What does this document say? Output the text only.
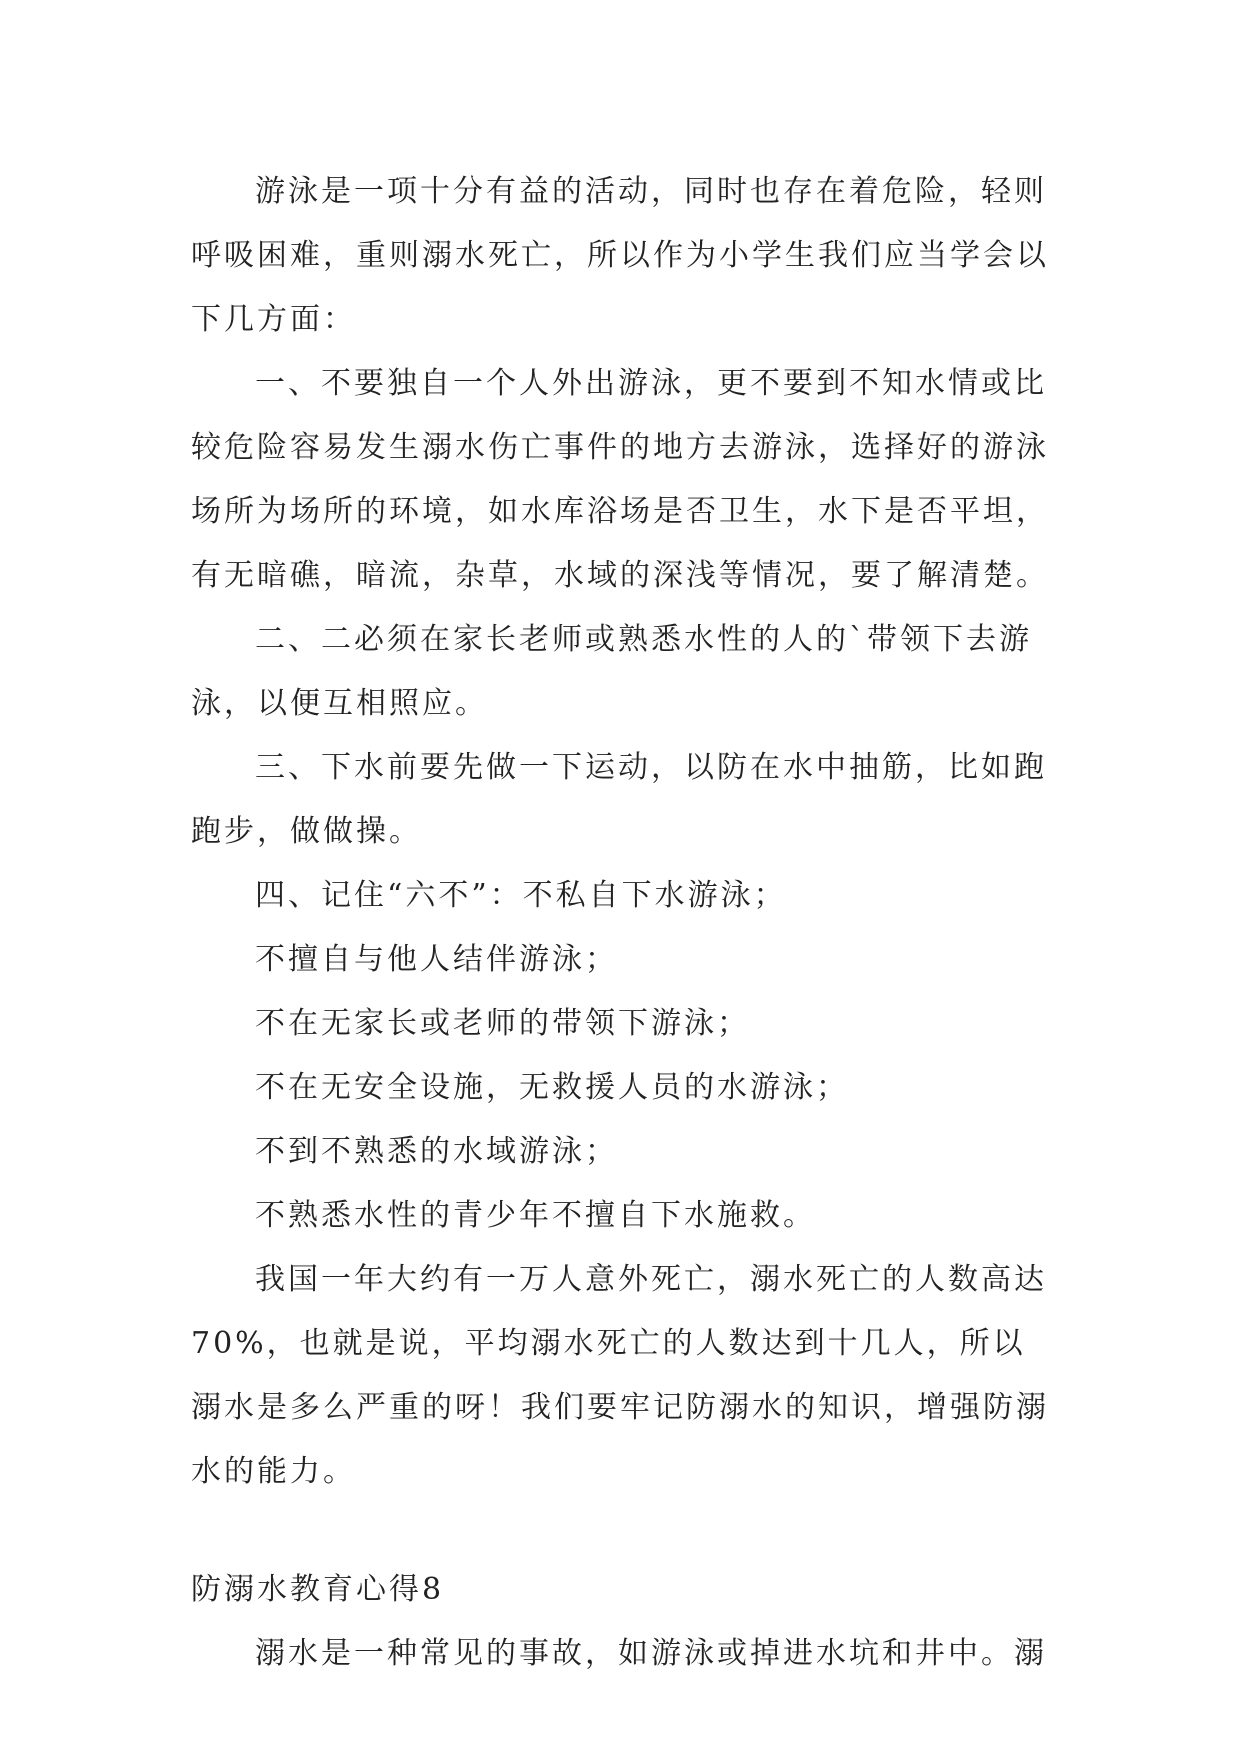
游泳是一项十分有益的活动，同时也存在着危险，轻则呼吸困难，重则溺水死亡，所以作为小学生我们应当学会以下几方面：

一、不要独自一个人外出游泳，更不要到不知水情或比较危险容易发生溺水伤亡事件的地方去游泳，选择好的游泳场所为场所的环境，如水库浴场是否卫生，水下是否平坦，有无暗礁，暗流，杂草，水域的深浅等情况，要了解清楚。

二、二必须在家长老师或熟悉水性的人的`带领下去游泳，以便互相照应。

三、下水前要先做一下运动，以防在水中抽筋，比如跑跑步，做做操。

四、记住“六不”：不私自下水游泳；

不擅自与他人结伴游泳；

不在无家长或老师的带领下游泳；

不在无安全设施，无救援人员的水游泳；

不到不熟悉的水域游泳；

不熟悉水性的青少年不擅自下水施救。

我国一年大约有一万人意外死亡，溺水死亡的人数高达70%，也就是说，平均溺水死亡的人数达到十几人，所以溺水是多么严重的呀！我们要牢记防溺水的知识，增强防溺水的能力。

防溺水教育心得8

溺水是一种常见的事故，如游泳或掉进水坑和井中。溺
